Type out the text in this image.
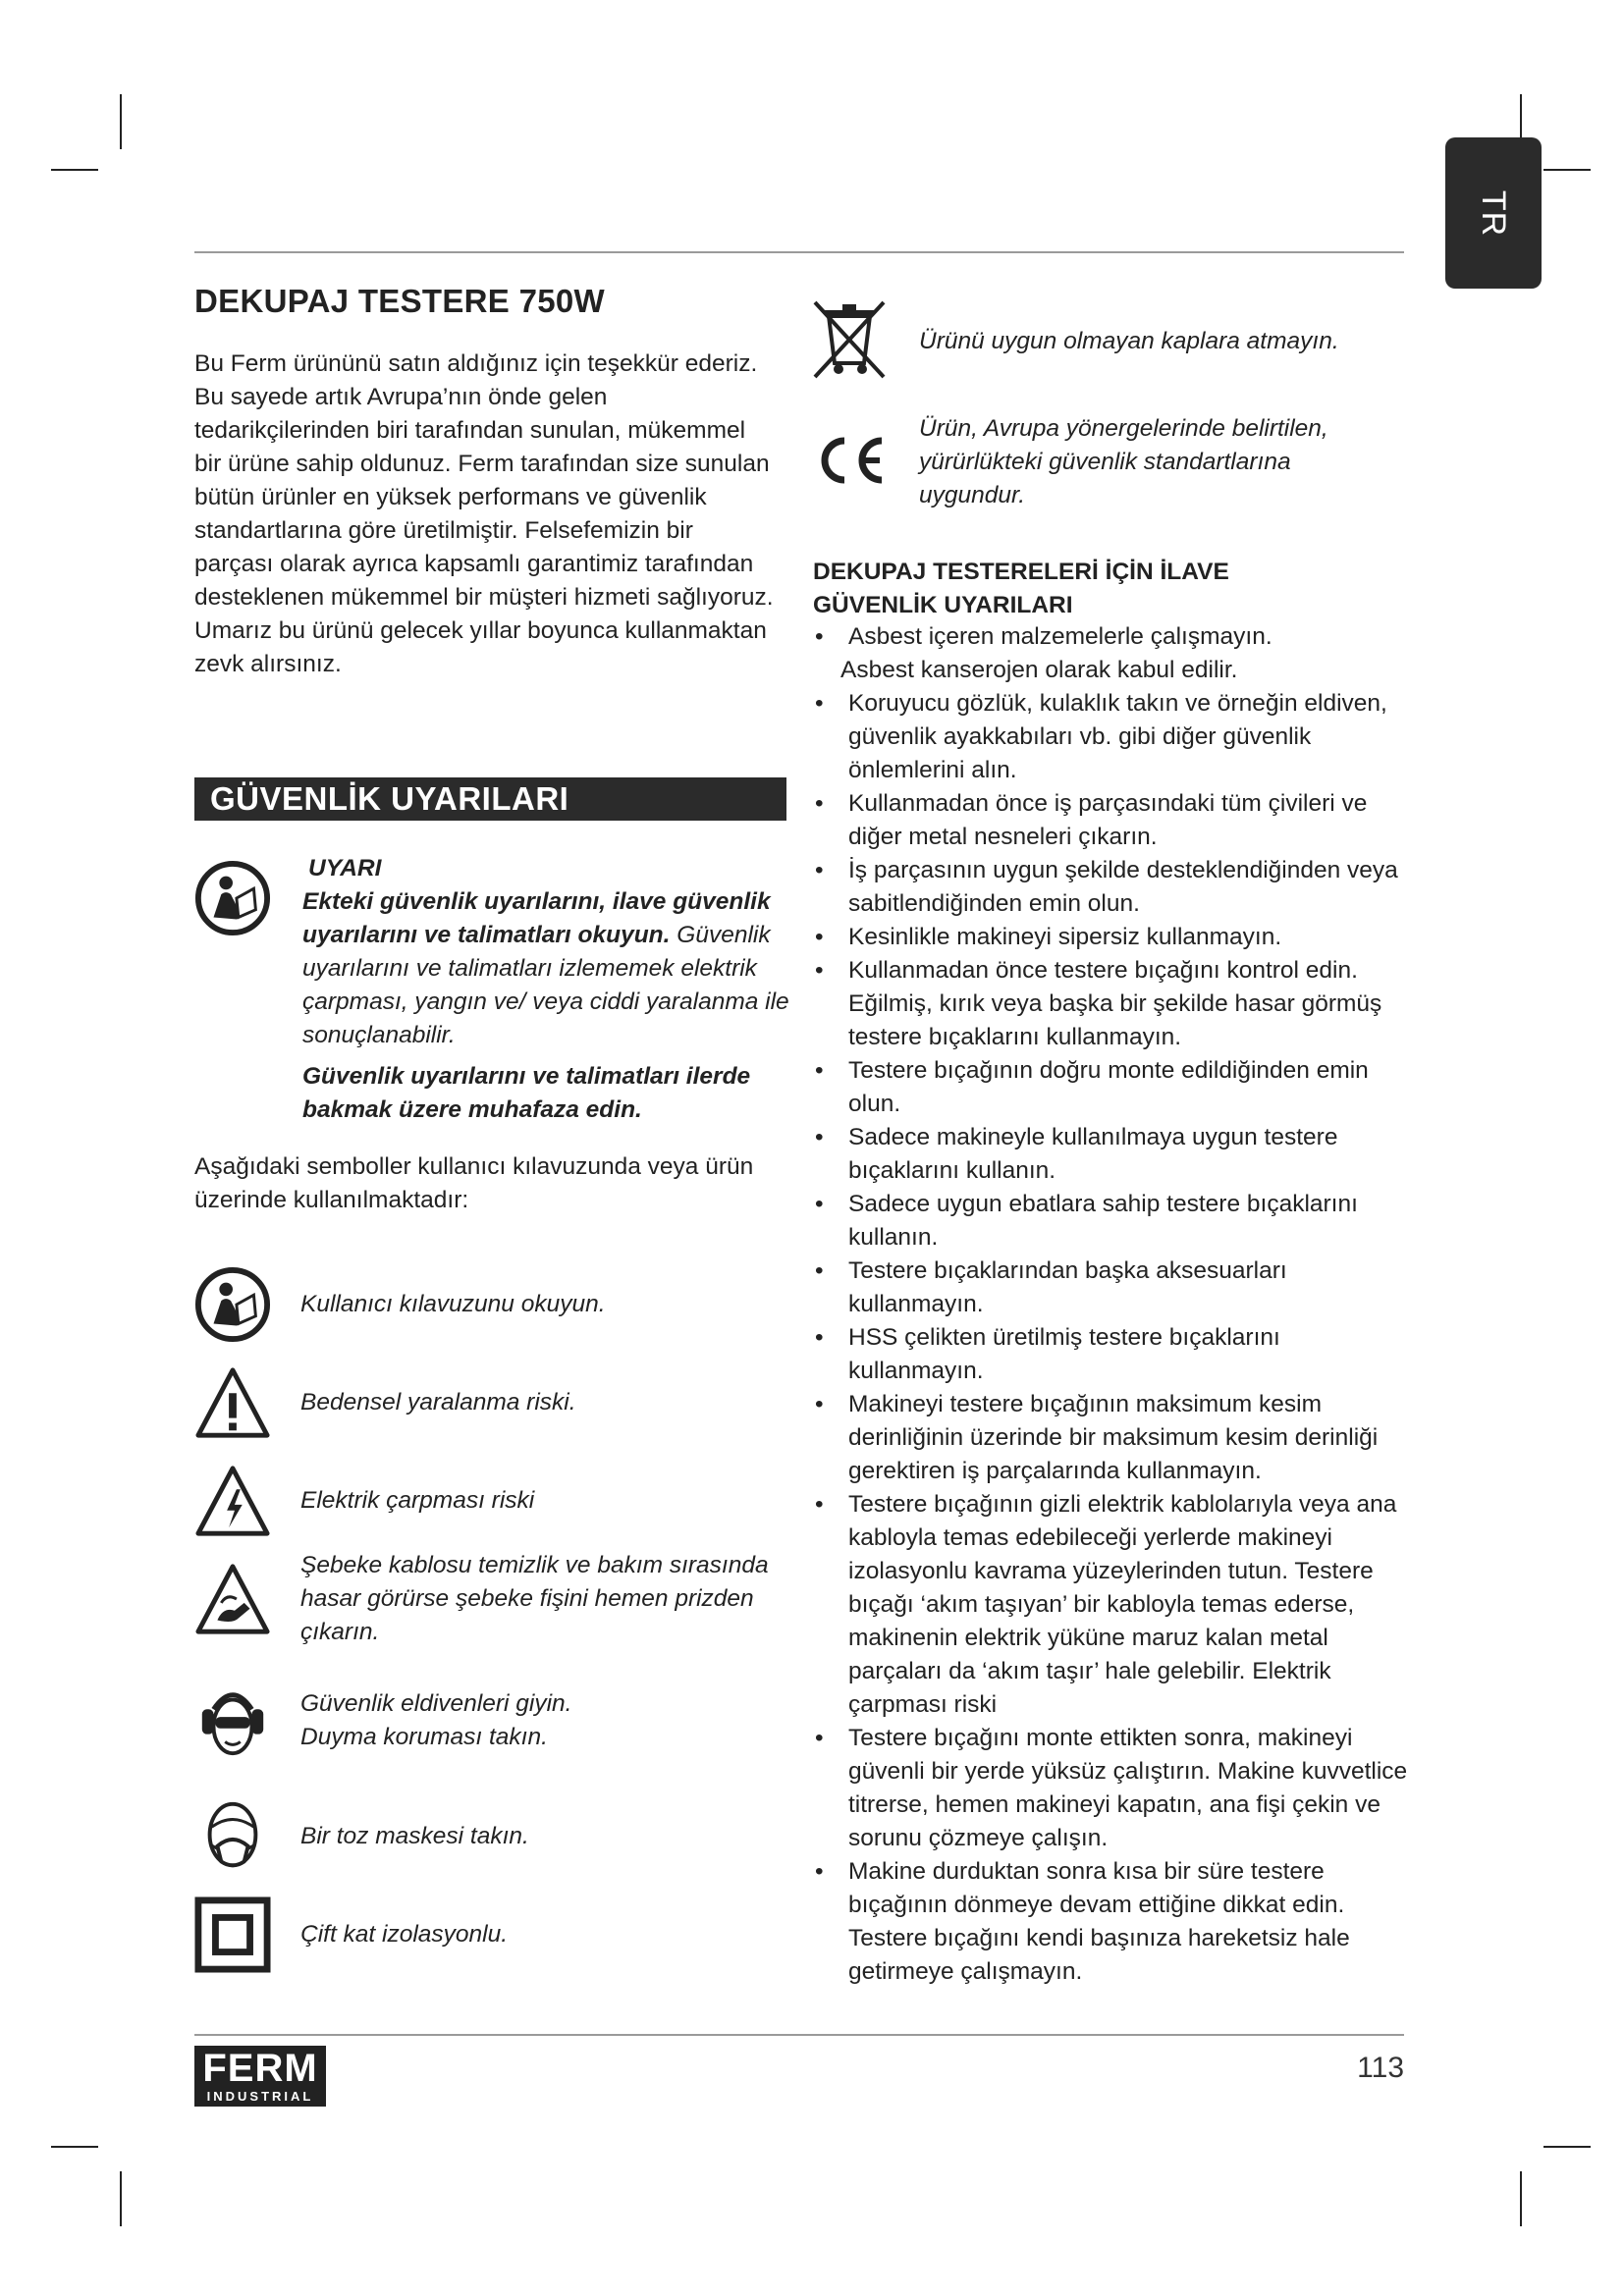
TR
DEKUPAJ TESTERE 750W

Bu Ferm ürününü satın aldığınız için teşekkür ederiz. Bu sayede artık Avrupa’nın önde gelen tedarikçilerinden biri tarafından sunulan, mükemmel bir ürüne sahip oldunuz. Ferm tarafından size sunulan bütün ürünler en yüksek performans ve güvenlik standartlarına göre üretilmiştir. Felsefemizin bir parçası olarak ayrıca kapsamlı garantimiz tarafından desteklenen mükemmel bir müşteri hizmeti sağlıyoruz. Umarız bu ürünü gelecek yıllar boyunca kullanmaktan zevk alırsınız.

GÜVENLİK UYARILARI

UYARI

Ekteki güvenlik uyarılarını, ilave güvenlik uyarılarını ve talimatları okuyun. Güvenlik uyarılarını ve talimatları izlememek elektrik çarpması, yangın ve/ veya ciddi yaralanma ile sonuçlanabilir.

Güvenlik uyarılarını ve talimatları ilerde bakmak üzere muhafaza edin.

Aşağıdaki semboller kullanıcı kılavuzunda veya ürün üzerinde kullanılmaktadır:

Kullanıcı kılavuzunu okuyun.
Bedensel yaralanma riski.
Elektrik çarpması riski
Şebeke kablosu temizlik ve bakım sırasında hasar görürse şebeke fişini hemen prizden çıkarın.
Güvenlik eldivenleri giyin.
Duyma koruması takın.
Bir toz maskesi takın.
Çift kat izolasyonlu.
Ürünü uygun olmayan kaplara atmayın.
Ürün, Avrupa yönergelerinde belirtilen, yürürlükteki güvenlik standartlarına uygundur.
DEKUPAJ TESTERELERİ İÇİN İLAVE GÜVENLİK UYARILARI
• Asbest içeren malzemelerle çalışmayın.
Asbest kanserojen olarak kabul edilir.
• Koruyucu gözlük, kulaklık takın ve örneğin eldiven, güvenlik ayakkabıları vb. gibi diğer güvenlik önlemlerini alın.
• Kullanmadan önce iş parçasındaki tüm çivileri ve diğer metal nesneleri çıkarın.
• İş parçasının uygun şekilde desteklendiğinden veya sabitlendiğinden emin olun.
• Kesinlikle makineyi sipersiz kullanmayın.
• Kullanmadan önce testere bıçağını kontrol edin. Eğilmiş, kırık veya başka bir şekilde hasar görmüş testere bıçaklarını kullanmayın.
• Testere bıçağının doğru monte edildiğinden emin olun.
• Sadece makineyle kullanılmaya uygun testere bıçaklarını kullanın.
• Sadece uygun ebatlara sahip testere bıçaklarını kullanın.
• Testere bıçaklarından başka aksesuarları kullanmayın.
• HSS çelikten üretilmiş testere bıçaklarını kullanmayın.
• Makineyi testere bıçağının maksimum kesim derinliğinin üzerinde bir maksimum kesim derinliği gerektiren iş parçalarında kullanmayın.
• Testere bıçağının gizli elektrik kablolarıyla veya ana kabloyla temas edebileceği yerlerde makineyi izolasyonlu kavrama yüzeylerinden tutun. Testere bıçağı ‘akım taşıyan’ bir kabloyla temas ederse, makinenin elektrik yüküne maruz kalan metal parçaları da ‘akım taşır’ hale gelebilir. Elektrik çarpması riski
• Testere bıçağını monte ettikten sonra, makineyi güvenli bir yerde yüksüz çalıştırın. Makine kuvvetlice titrerse, hemen makineyi kapatın, ana fişi çekin ve sorunu çözmeye çalışın.
• Makine durduktan sonra kısa bir süre testere bıçağının dönmeye devam ettiğine dikkat edin. Testere bıçağını kendi başınıza hareketsiz hale getirmeye çalışmayın.
FERM
INDUSTRIAL
113
